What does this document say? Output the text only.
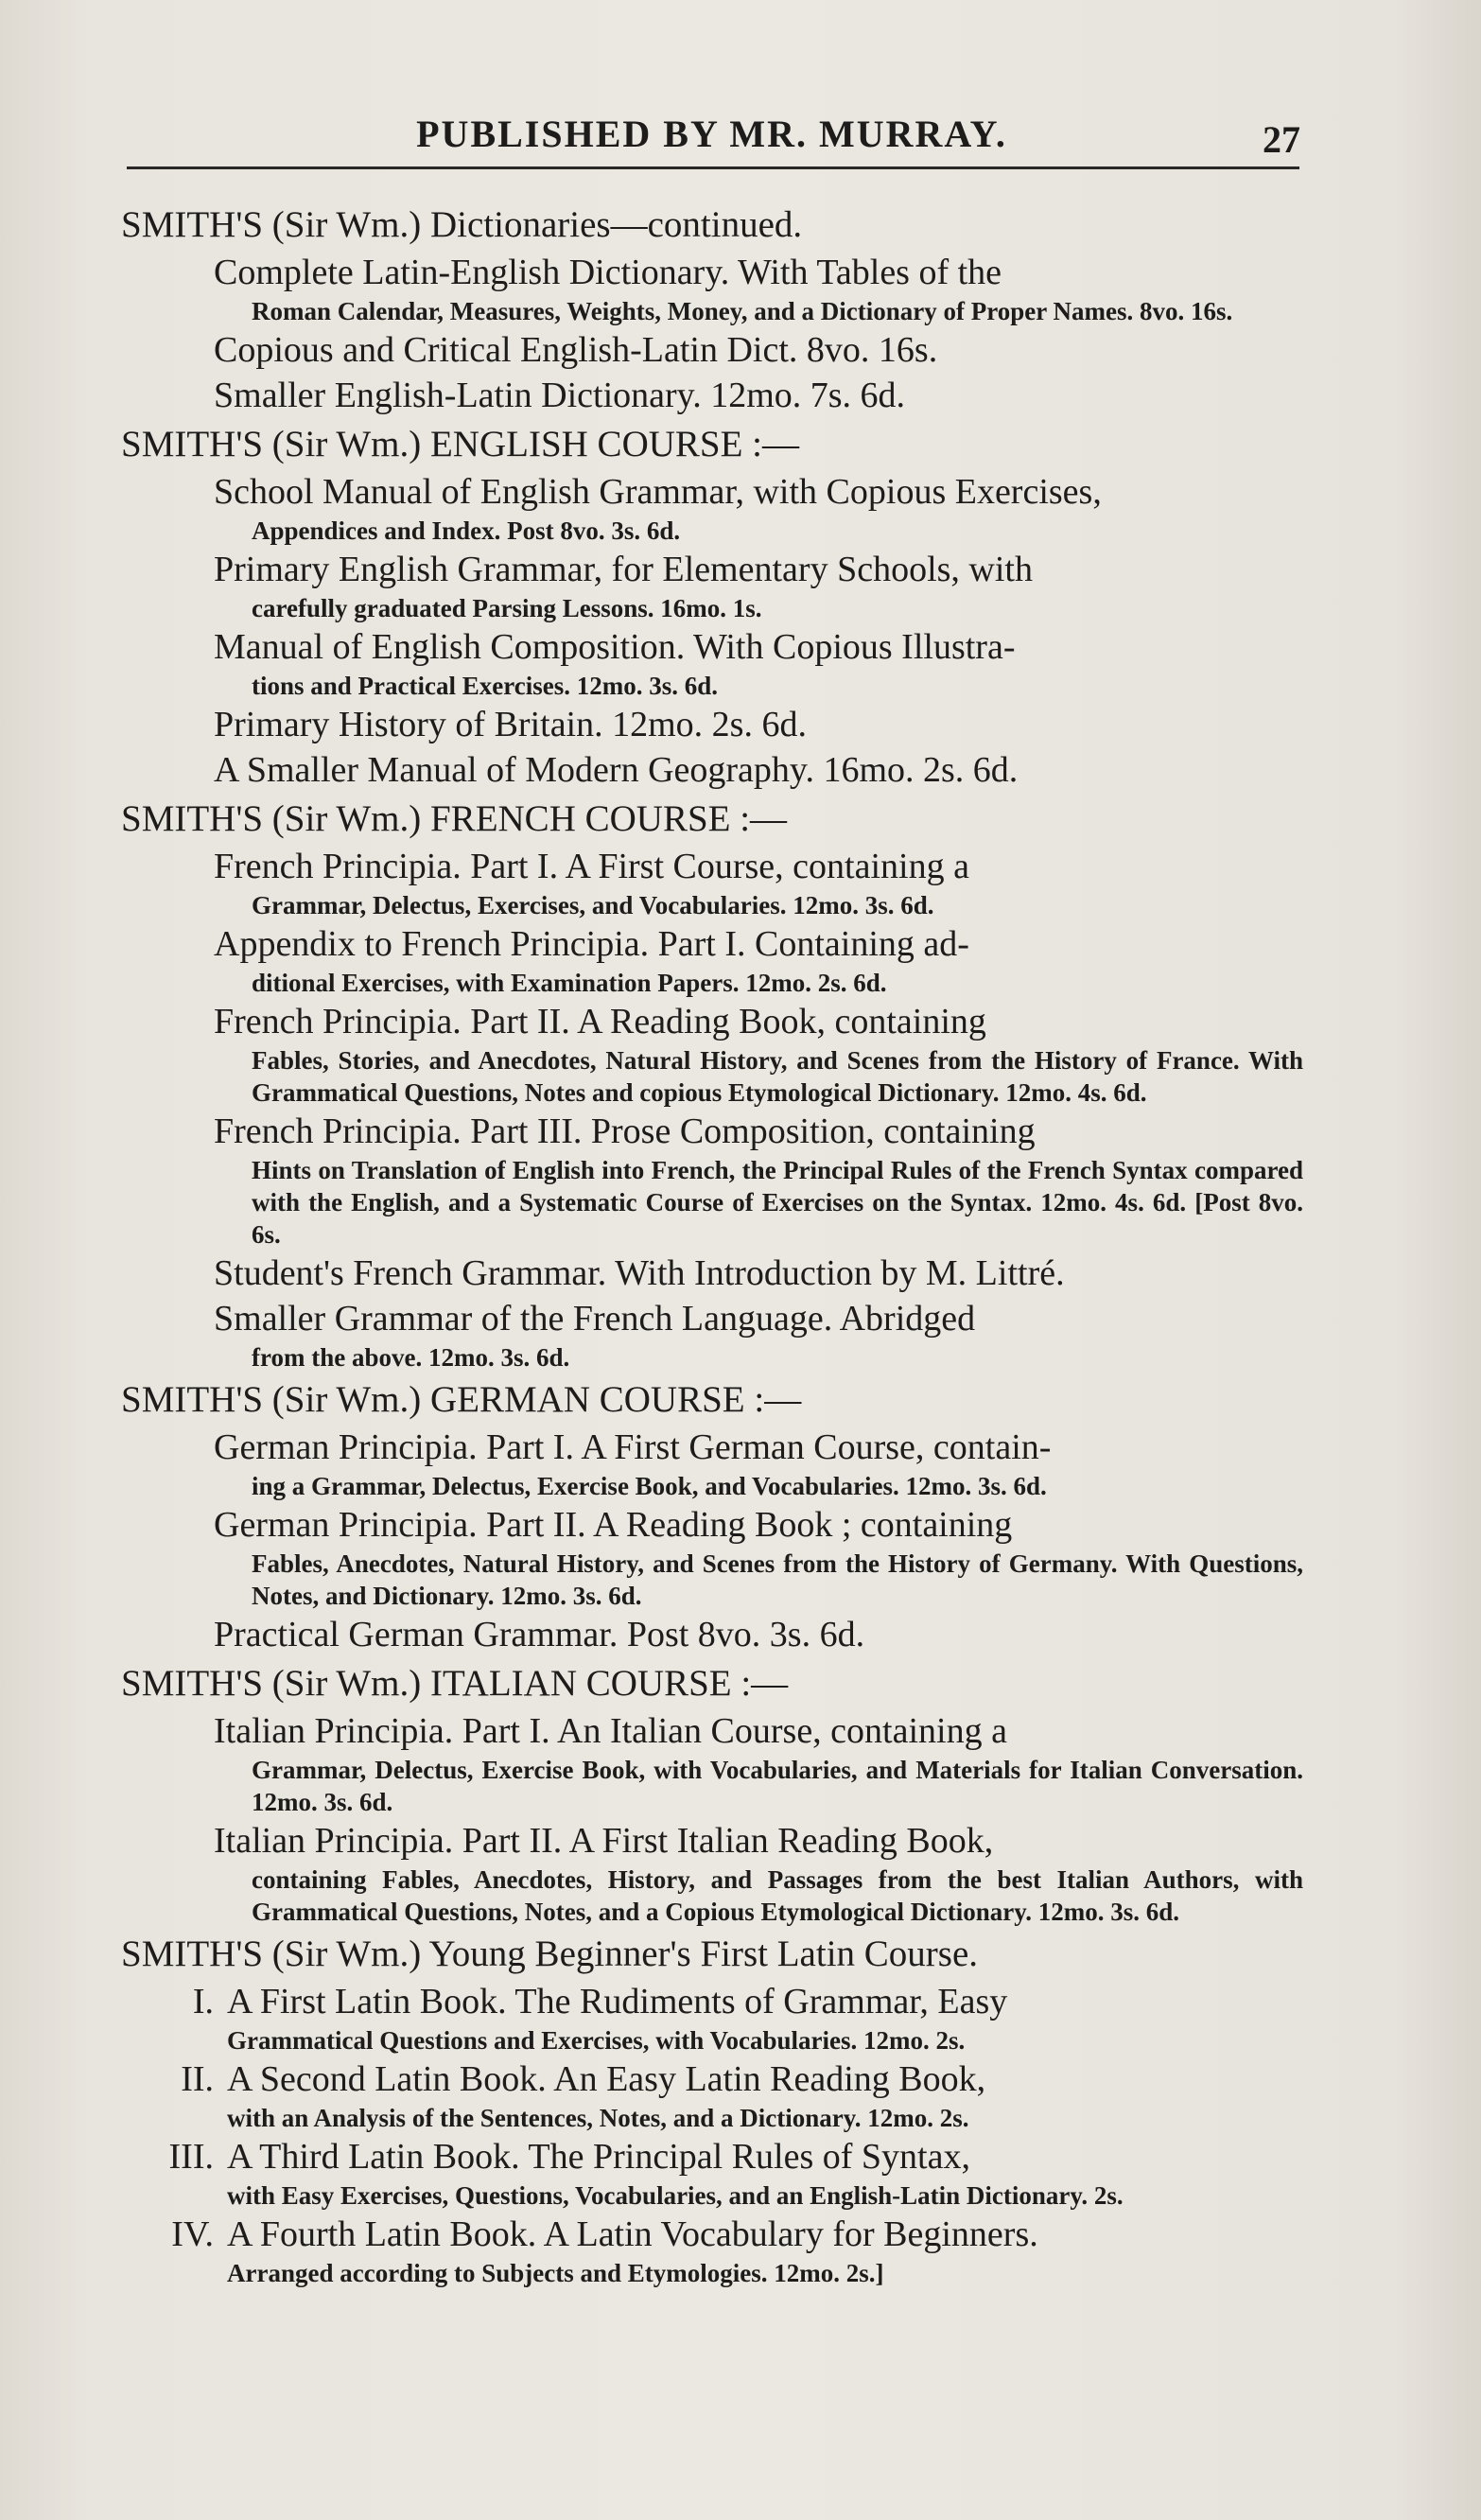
PUBLISHED BY MR. MURRAY.	27
SMITH'S (Sir Wm.) Dictionaries—continued.
Complete Latin-English Dictionary. With Tables of the
Roman Calendar, Measures, Weights, Money, and a Dictionary of Proper Names. 8vo. 16s.
Copious and Critical English-Latin Dict. 8vo. 16s.
Smaller English-Latin Dictionary. 12mo. 7s. 6d.
SMITH'S (Sir Wm.) ENGLISH COURSE :—
School Manual of English Grammar, with Copious Exercises,
Appendices and Index. Post 8vo. 3s. 6d.
Primary English Grammar, for Elementary Schools, with
carefully graduated Parsing Lessons. 16mo. 1s.
Manual of English Composition. With Copious Illustra-
tions and Practical Exercises. 12mo. 3s. 6d.
Primary History of Britain. 12mo. 2s. 6d.
A Smaller Manual of Modern Geography. 16mo. 2s. 6d.
SMITH'S (Sir Wm.) FRENCH COURSE :—
French Principia. Part I. A First Course, containing a
Grammar, Delectus, Exercises, and Vocabularies. 12mo. 3s. 6d.
Appendix to French Principia. Part I. Containing ad-
ditional Exercises, with Examination Papers. 12mo. 2s. 6d.
French Principia. Part II. A Reading Book, containing
Fables, Stories, and Anecdotes, Natural History, and Scenes from the History of France. With Grammatical Questions, Notes and copious Etymological Dictionary. 12mo. 4s. 6d.
French Principia. Part III. Prose Composition, containing
Hints on Translation of English into French, the Principal Rules of the French Syntax compared with the English, and a Systematic Course of Exercises on the Syntax. 12mo. 4s. 6d. [Post 8vo. 6s.
Student's French Grammar. With Introduction by M. Littré.
Smaller Grammar of the French Language. Abridged
from the above. 12mo. 3s. 6d.
SMITH'S (Sir Wm.) GERMAN COURSE :—
German Principia. Part I. A First German Course, contain-
ing a Grammar, Delectus, Exercise Book, and Vocabularies. 12mo. 3s. 6d.
German Principia. Part II. A Reading Book ; containing
Fables, Anecdotes, Natural History, and Scenes from the History of Germany. With Questions, Notes, and Dictionary. 12mo. 3s. 6d.
Practical German Grammar. Post 8vo. 3s. 6d.
SMITH'S (Sir Wm.) ITALIAN COURSE :—
Italian Principia. Part I. An Italian Course, containing a
Grammar, Delectus, Exercise Book, with Vocabularies, and Materials for Italian Conversation. 12mo. 3s. 6d.
Italian Principia. Part II. A First Italian Reading Book,
containing Fables, Anecdotes, History, and Passages from the best Italian Authors, with Grammatical Questions, Notes, and a Copious Etymological Dictionary. 12mo. 3s. 6d.
SMITH'S (Sir Wm.) Young Beginner's First Latin Course.
I. A First Latin Book. The Rudiments of Grammar, Easy
Grammatical Questions and Exercises, with Vocabularies. 12mo. 2s.
II. A Second Latin Book. An Easy Latin Reading Book,
with an Analysis of the Sentences, Notes, and a Dictionary. 12mo. 2s.
III. A Third Latin Book. The Principal Rules of Syntax,
with Easy Exercises, Questions, Vocabularies, and an English-Latin Dictionary. 2s.
IV. A Fourth Latin Book. A Latin Vocabulary for Beginners.
Arranged according to Subjects and Etymologies. 12mo. 2s.]
